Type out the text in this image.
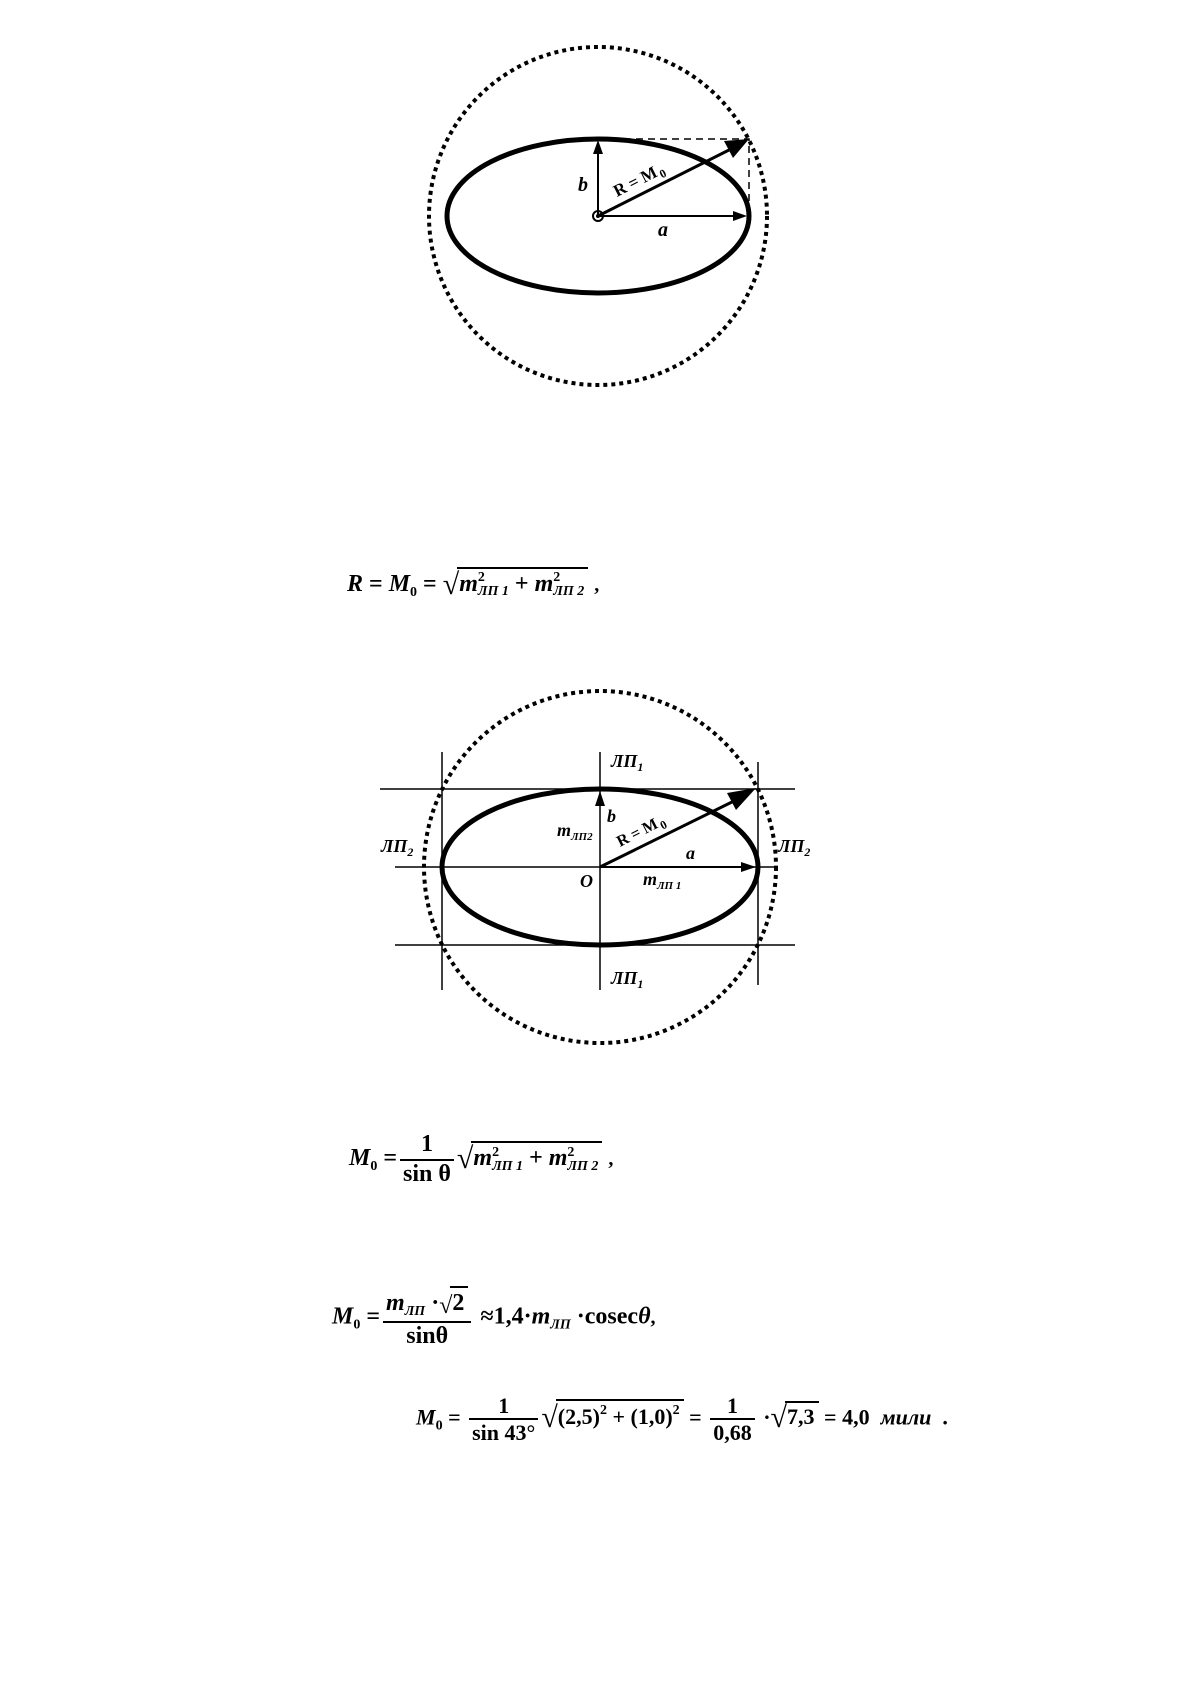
b
a
$R = M_0$
$R = M_0 = √m$ 2
ЛП 1 + m 2
ЛП 2 ,
$ЛП_1$
$ЛП_1$
$ЛП_2$	$ЛП_2$
b
a
O
$m_{ЛП2}$
$m_{ЛП 1}$
$R = M_0$
$M_0 = \frac{1}{\text{sin θ}} √m$ 2
ЛП 1 + m 2
ЛП 2 ,
$M_0 = \frac{m_{ЛП} \cdot√2}{\sin\theta} \approx 1,4\cdot m_{ЛП} \cdot cosec\theta$,
$M_0 = \frac{1}{\sin 43^\circ} √(2,5)^2 + (1,0)^2 = \frac{1}{0,68} \cdot√7,3 = 4,0$ мили .
